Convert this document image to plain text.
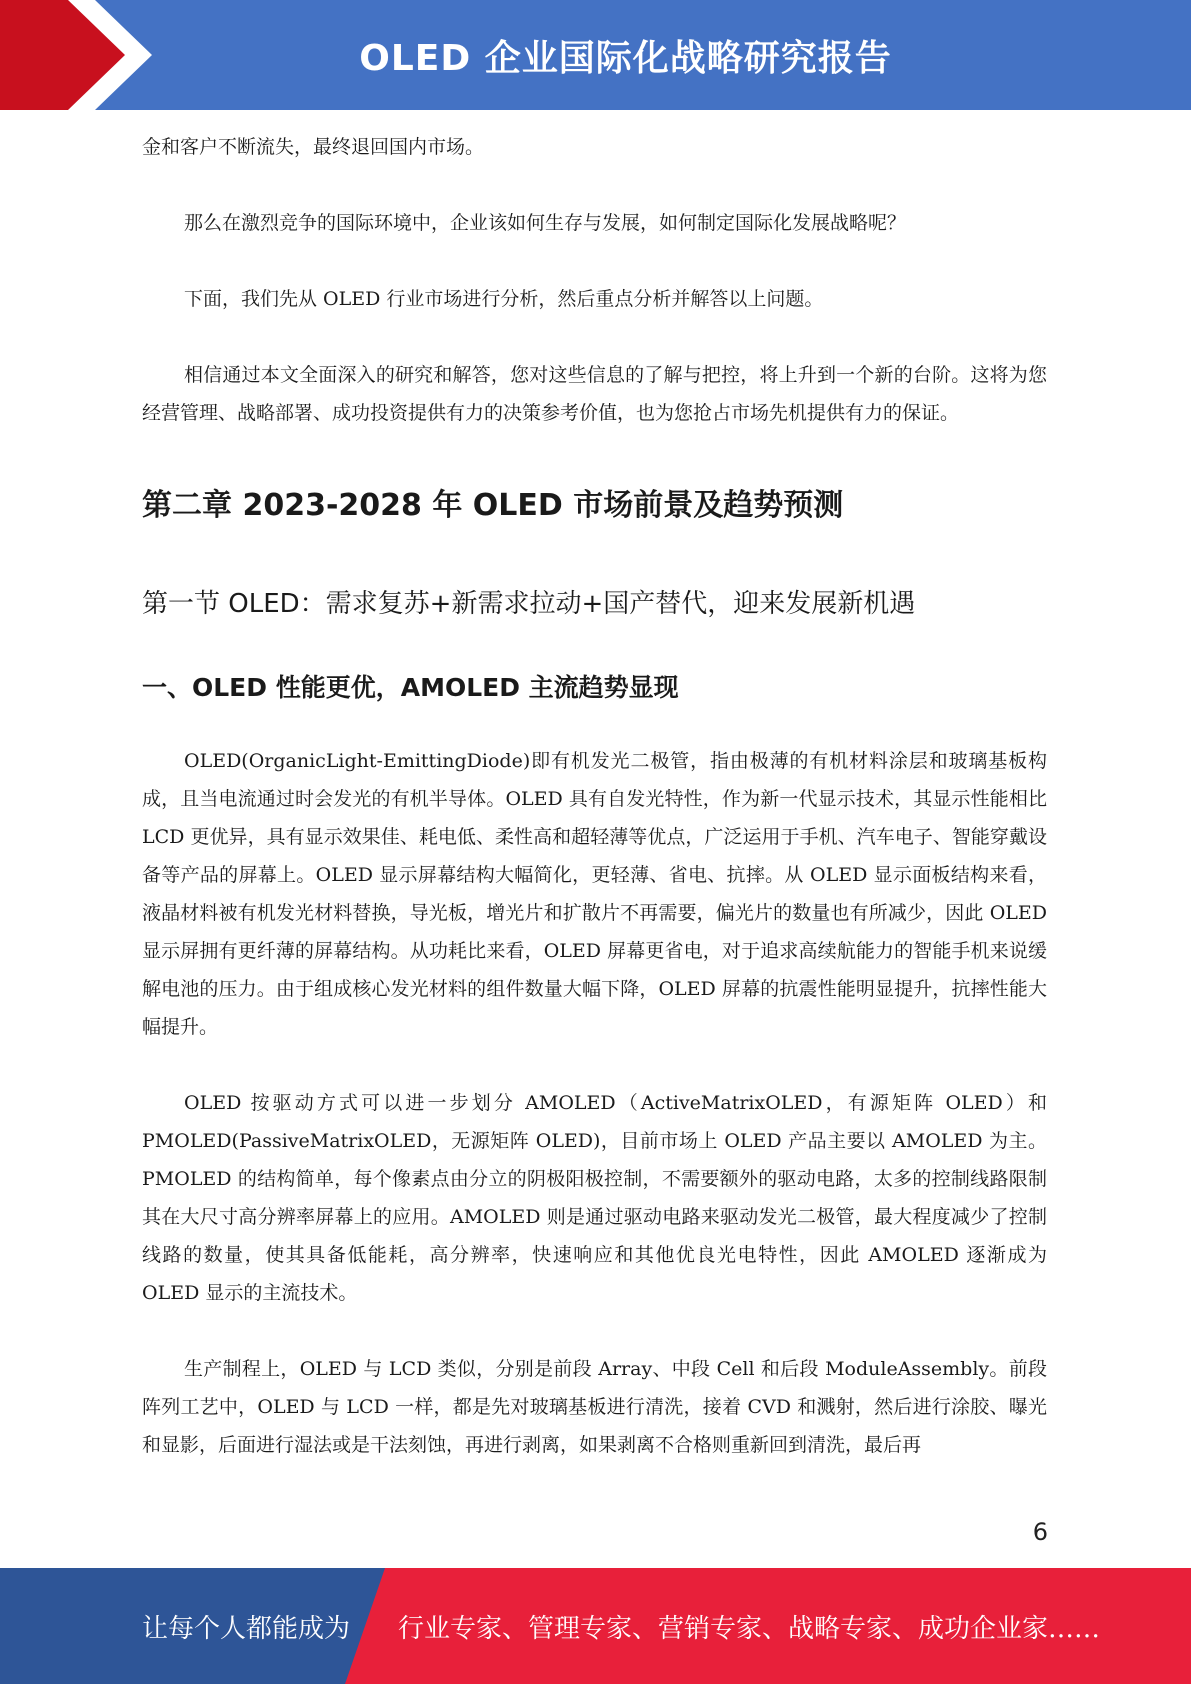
OLED 企业国际化战略研究报告

金和客户不断流失，最终退回国内市场。

那么在激烈竞争的国际环境中，企业该如何生存与发展，如何制定国际化发展战略呢？

下面，我们先从 OLED 行业市场进行分析，然后重点分析并解答以上问题。

相信通过本文全面深入的研究和解答，您对这些信息的了解与把控，将上升到一个新的台阶。这将为您经营管理、战略部署、成功投资提供有力的决策参考价值，也为您抢占市场先机提供有力的保证。

第二章 2023-2028 年 OLED 市场前景及趋势预测
第一节 OLED：需求复苏+新需求拉动+国产替代，迎来发展新机遇
一、OLED 性能更优，AMOLED 主流趋势显现

OLED(OrganicLight-EmittingDiode)即有机发光二极管，指由极薄的有机材料涂层和玻璃基板构成，且当电流通过时会发光的有机半导体。OLED 具有自发光特性，作为新一代显示技术，其显示性能相比 LCD 更优异，具有显示效果佳、耗电低、柔性高和超轻薄等优点，广泛运用于手机、汽车电子、智能穿戴设备等产品的屏幕上。OLED 显示屏幕结构大幅简化，更轻薄、省电、抗摔。从 OLED 显示面板结构来看，液晶材料被有机发光材料替换，导光板，增光片和扩散片不再需要，偏光片的数量也有所减少，因此 OLED 显示屏拥有更纤薄的屏幕结构。从功耗比来看，OLED 屏幕更省电，对于追求高续航能力的智能手机来说缓解电池的压力。由于组成核心发光材料的组件数量大幅下降，OLED 屏幕的抗震性能明显提升，抗摔性能大幅提升。

OLED 按驱动方式可以进一步划分 AMOLED（ActiveMatrixOLED，有源矩阵 OLED）和 PMOLED(PassiveMatrixOLED，无源矩阵 OLED)，目前市场上 OLED 产品主要以 AMOLED 为主。PMOLED 的结构简单，每个像素点由分立的阴极阳极控制，不需要额外的驱动电路，太多的控制线路限制其在大尺寸高分辨率屏幕上的应用。AMOLED 则是通过驱动电路来驱动发光二极管，最大程度减少了控制线路的数量，使其具备低能耗，高分辨率，快速响应和其他优良光电特性，因此 AMOLED 逐渐成为 OLED 显示的主流技术。

生产制程上，OLED 与 LCD 类似，分别是前段 Array、中段 Cell 和后段 ModuleAssembly。前段阵列工艺中，OLED 与 LCD 一样，都是先对玻璃基板进行清洗，接着 CVD 和溅射，然后进行涂胶、曝光和显影，后面进行湿法或是干法刻蚀，再进行剥离，如果剥离不合格则重新回到清洗，最后再

6
让每个人都能成为 行业专家、管理专家、营销专家、战略专家、成功企业家……
